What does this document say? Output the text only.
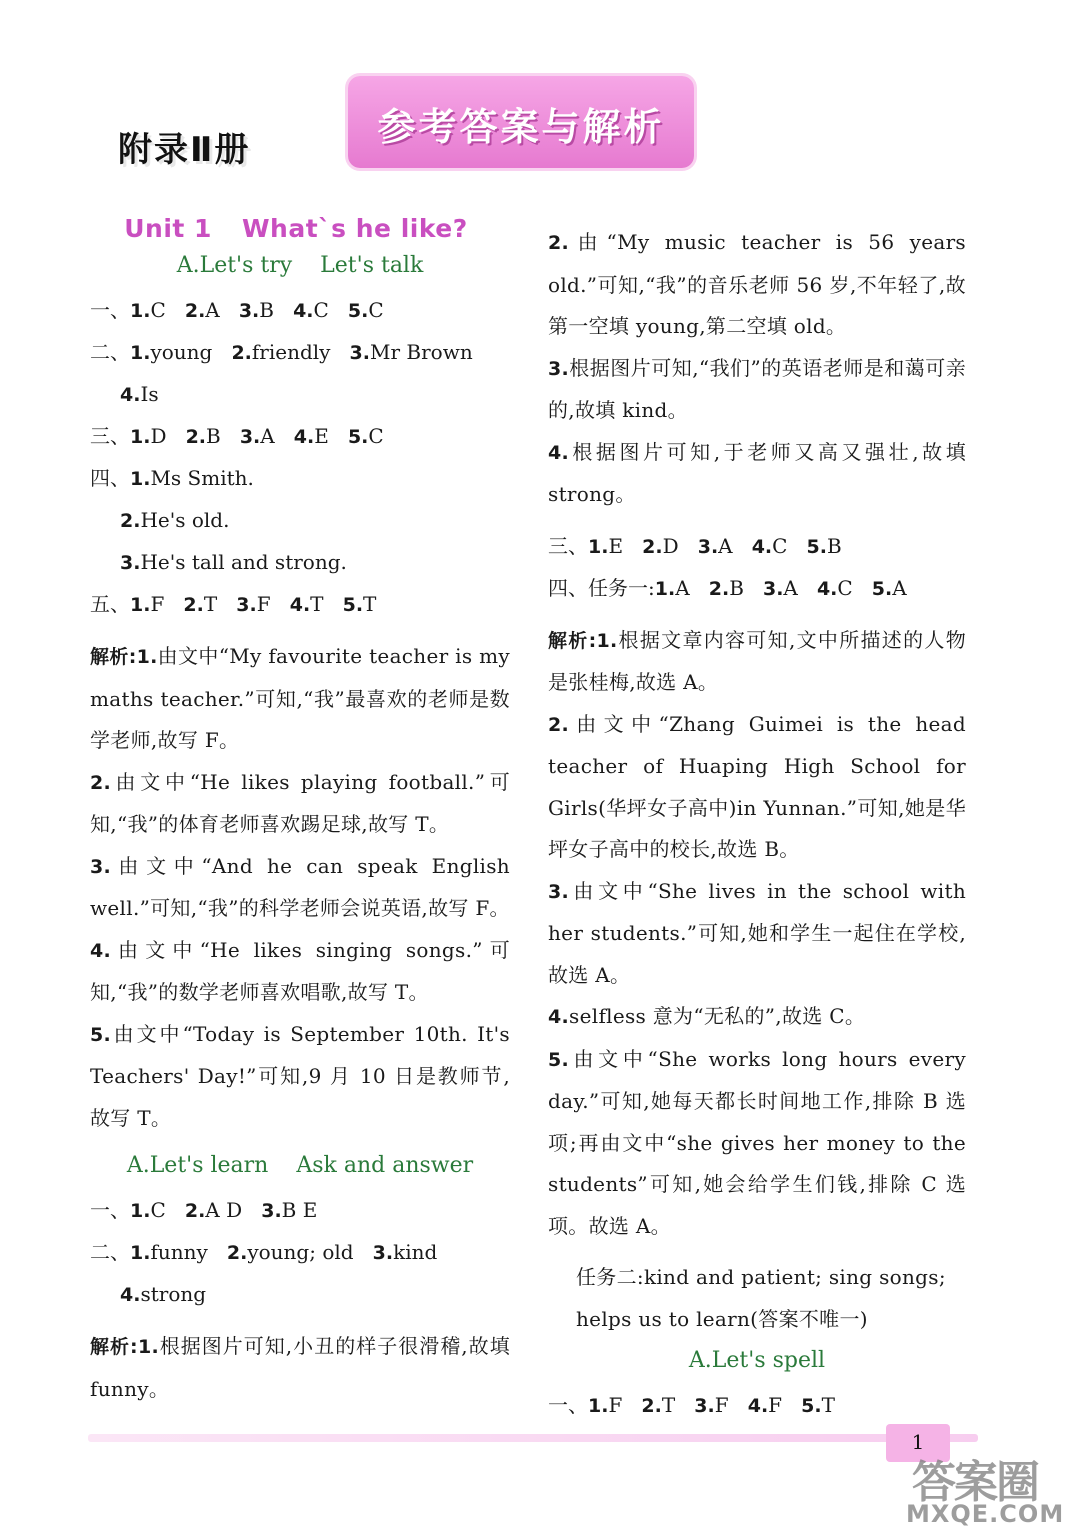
附录Ⅱ册
参考答案与解析
Unit 1 What`s he like?
A.Let's try Let's talk
一、1.C 2.A 3.B 4.C 5.C
二、1.young 2.friendly 3.Mr Brown
4.Is
三、1.D 2.B 3.A 4.E 5.C
四、1.Ms Smith.
2.He's old.
3.He's tall and strong.
五、1.F 2.T 3.F 4.T 5.T
解析:1.由文中“My favourite teacher is my maths teacher.”可知,“我”最喜欢的老师是数学老师,故写 F。
2.由文中“He likes playing football.”可知,“我”的体育老师喜欢踢足球,故写 T。
3.由文中“And he can speak English well.”可知,“我”的科学老师会说英语,故写 F。
4.由文中“He likes singing songs.”可知,“我”的数学老师喜欢唱歌,故写 T。
5.由文中“Today is September 10th. It's Teachers' Day!”可知,9 月 10 日是教师节,故写 T。
A.Let's learn Ask and answer
一、1.C 2.A D 3.B E
二、1.funny 2.young; old 3.kind
4.strong
解析:1.根据图片可知,小丑的样子很滑稽,故填 funny。
2.由“My music teacher is 56 years old.”可知,“我”的音乐老师 56 岁,不年轻了,故第一空填 young,第二空填 old。
3.根据图片可知,“我们”的英语老师是和蔼可亲的,故填 kind。
4.根据图片可知,于老师又高又强壮,故填 strong。
三、1.E 2.D 3.A 4.C 5.B
四、任务一:1.A 2.B 3.A 4.C 5.A
解析:1.根据文章内容可知,文中所描述的人物是张桂梅,故选 A。
2.由文中“Zhang Guimei is the head teacher of Huaping High School for Girls(华坪女子高中)in Yunnan.”可知,她是华坪女子高中的校长,故选 B。
3.由文中“She lives in the school with her students.”可知,她和学生一起住在学校,故选 A。
4.selfless 意为“无私的”,故选 C。
5.由文中“She works long hours every day.”可知,她每天都长时间地工作,排除 B 选项;再由文中“she gives her money to the students”可知,她会给学生们钱,排除 C 选项。故选 A。
任务二:kind and patient; sing songs; helps us to learn(答案不唯一)
A.Let's spell
一、1.F 2.T 3.F 4.F 5.T
1
答案圈
MXQE.COM
